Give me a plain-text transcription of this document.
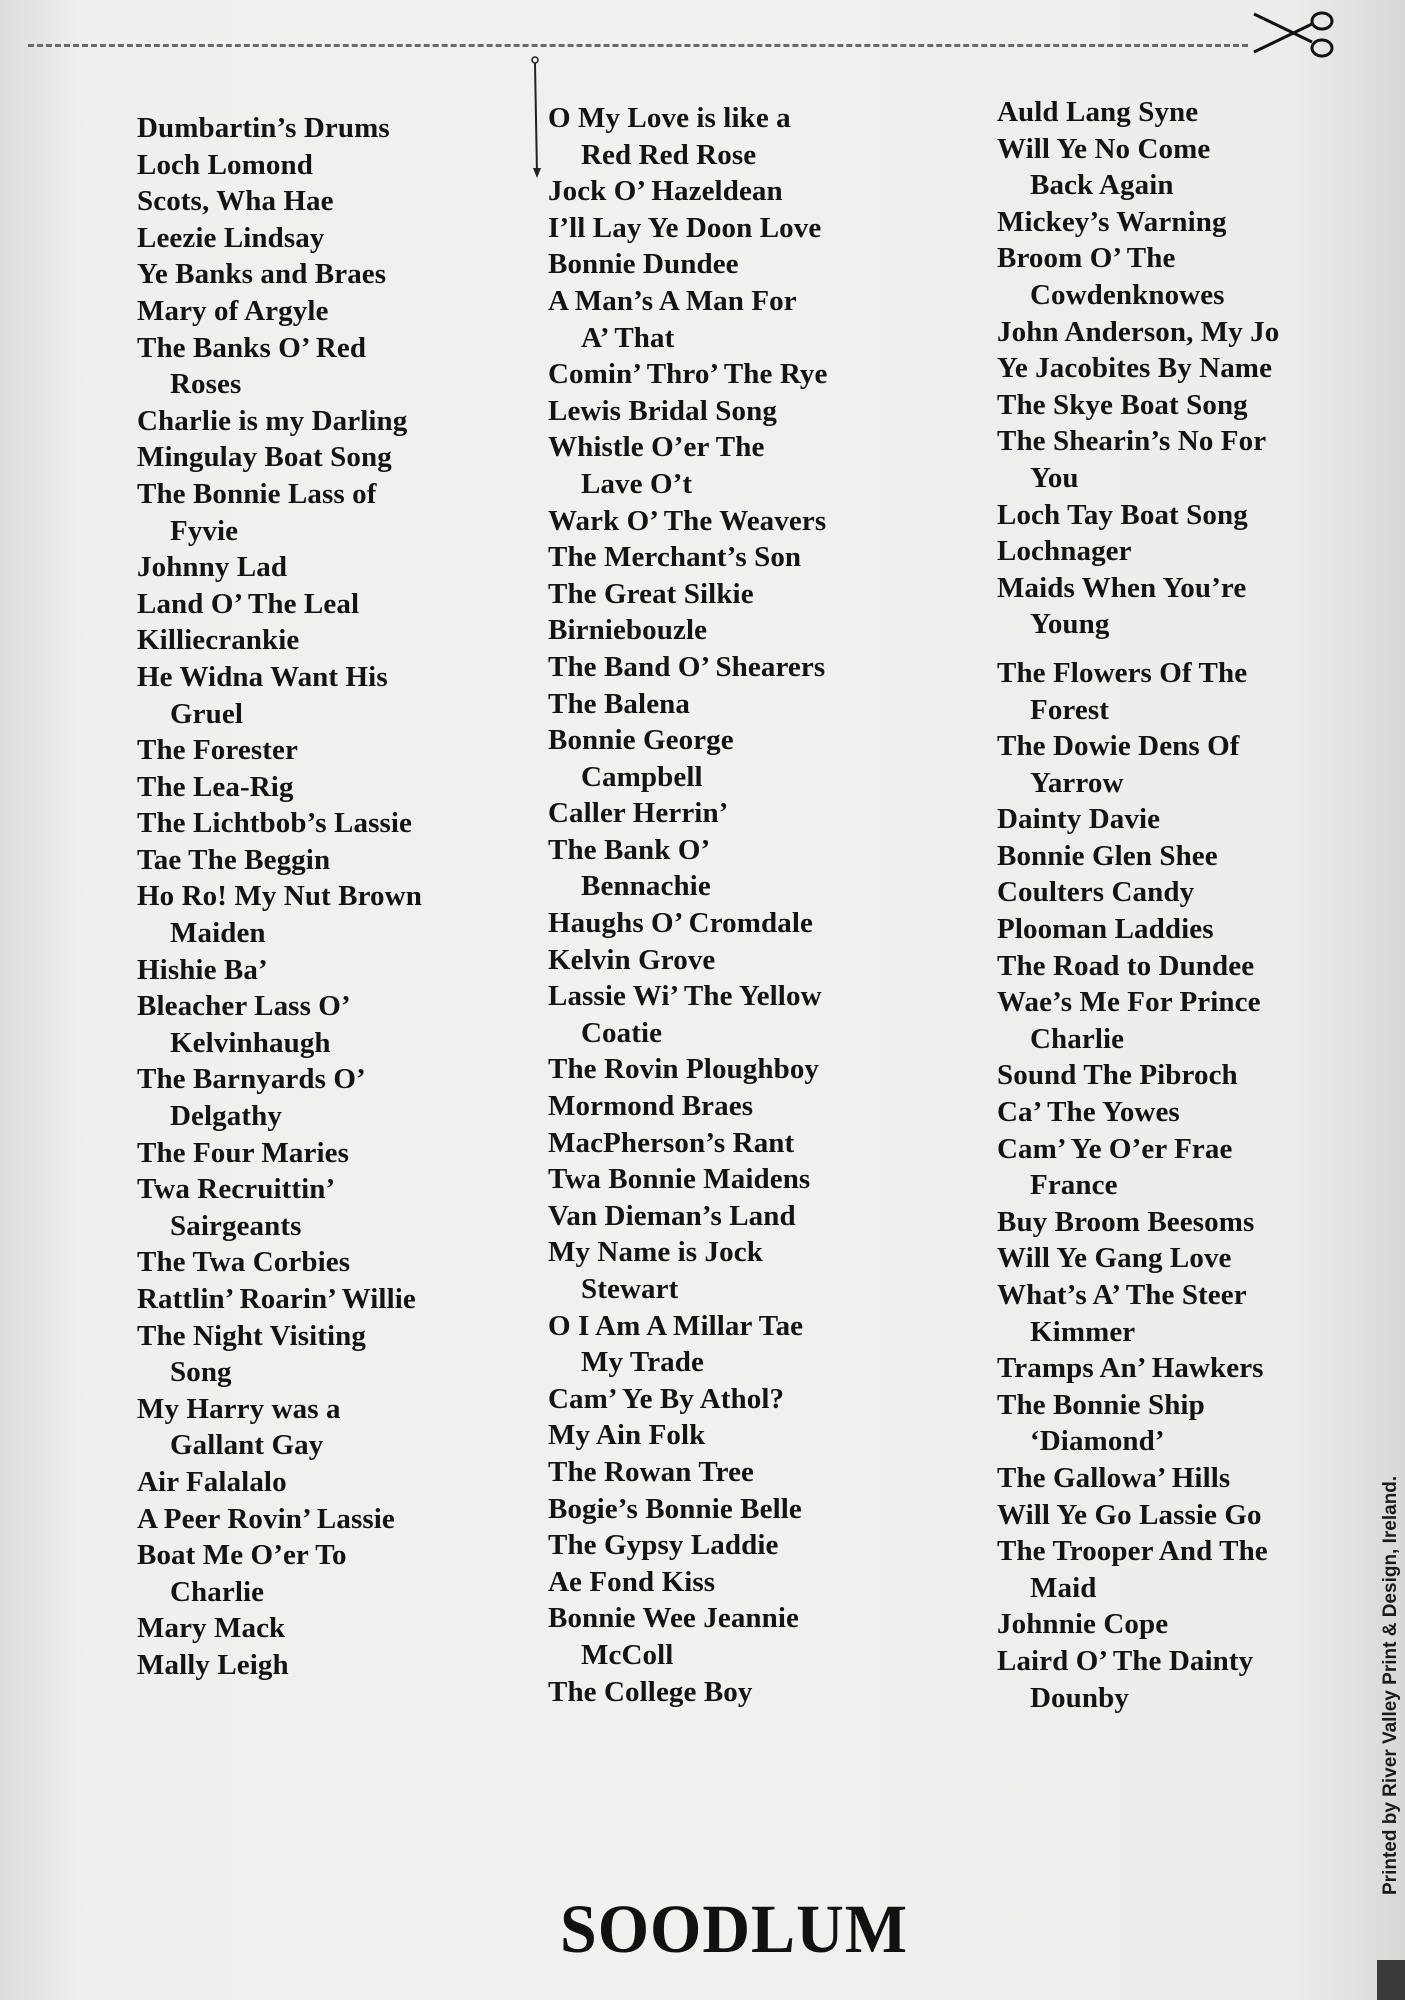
Dumbartin’s Drums
Loch Lomond
Scots, Wha Hae
Leezie Lindsay
Ye Banks and Braes
Mary of Argyle
The Banks O’ Red
Roses
Charlie is my Darling
Mingulay Boat Song
The Bonnie Lass of
Fyvie
Johnny Lad
Land O’ The Leal
Killiecrankie
He Widna Want His
Gruel
The Forester
The Lea-Rig
The Lichtbob’s Lassie
Tae The Beggin
Ho Ro! My Nut Brown
Maiden
Hishie Ba’
Bleacher Lass O’
Kelvinhaugh
The Barnyards O’
Delgathy
The Four Maries
Twa Recruittin’
Sairgeants
The Twa Corbies
Rattlin’ Roarin’ Willie
The Night Visiting
Song
My Harry was a
Gallant Gay
Air Falalalo
A Peer Rovin’ Lassie
Boat Me O’er To
Charlie
Mary Mack
Mally Leigh
O My Love is like a
Red Red Rose
Jock O’ Hazeldean
I’ll Lay Ye Doon Love
Bonnie Dundee
A Man’s A Man For
A’ That
Comin’ Thro’ The Rye
Lewis Bridal Song
Whistle O’er The
Lave O’t
Wark O’ The Weavers
The Merchant’s Son
The Great Silkie
Birniebouzle
The Band O’ Shearers
The Balena
Bonnie George
Campbell
Caller Herrin’
The Bank O’
Bennachie
Haughs O’ Cromdale
Kelvin Grove
Lassie Wi’ The Yellow
Coatie
The Rovin Ploughboy
Mormond Braes
MacPherson’s Rant
Twa Bonnie Maidens
Van Dieman’s Land
My Name is Jock
Stewart
O I Am A Millar Tae
My Trade
Cam’ Ye By Athol?
My Ain Folk
The Rowan Tree
Bogie’s Bonnie Belle
The Gypsy Laddie
Ae Fond Kiss
Bonnie Wee Jeannie
McColl
The College Boy
Auld Lang Syne
Will Ye No Come
Back Again
Mickey’s Warning
Broom O’ The
Cowdenknowes
John Anderson, My Jo
Ye Jacobites By Name
The Skye Boat Song
The Shearin’s No For
You
Loch Tay Boat Song
Lochnager
Maids When You’re
Young
The Flowers Of The
Forest
The Dowie Dens Of
Yarrow
Dainty Davie
Bonnie Glen Shee
Coulters Candy
Plooman Laddies
The Road to Dundee
Wae’s Me For Prince
Charlie
Sound The Pibroch
Ca’ The Yowes
Cam’ Ye O’er Frae
France
Buy Broom Beesoms
Will Ye Gang Love
What’s A’ The Steer
Kimmer
Tramps An’ Hawkers
The Bonnie Ship
‘Diamond’
The Gallowa’ Hills
Will Ye Go Lassie Go
The Trooper And The
Maid
Johnnie Cope
Laird O’ The Dainty
Dounby
SOODLUM
Printed by River Valley Print & Design, Ireland.
